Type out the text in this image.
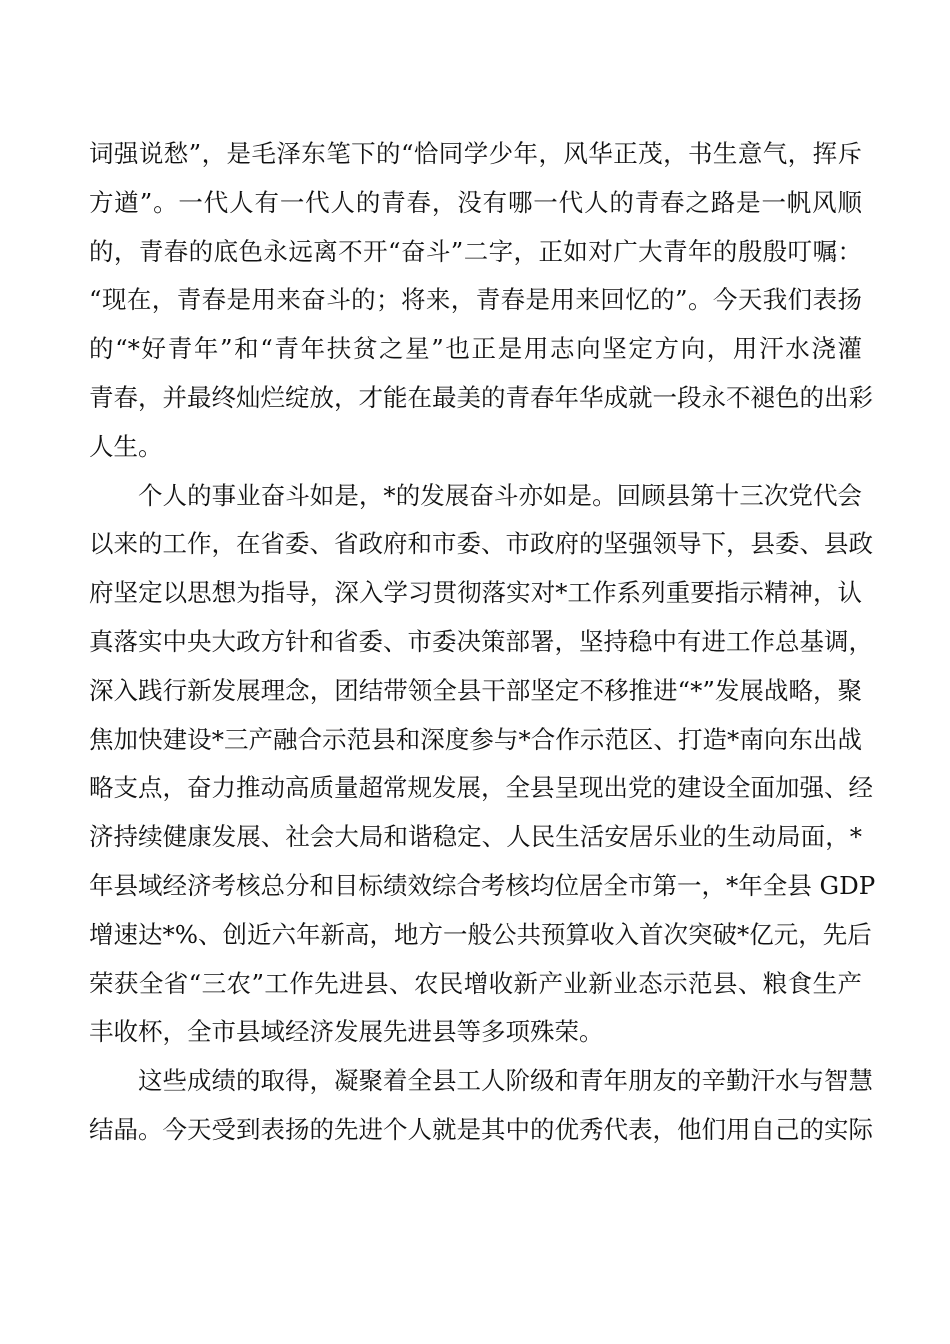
词强说愁”，是毛泽东笔下的“恰同学少年，风华正茂，书生意气，挥斥
方遒”。一代人有一代人的青春，没有哪一代人的青春之路是一帆风顺
的，青春的底色永远离不开“奋斗”二字，正如对广大青年的殷殷叮嘱：
“现在，青春是用来奋斗的；将来，青春是用来回忆的”。今天我们表扬
的“*好青年”和“青年扶贫之星”也正是用志向坚定方向，用汗水浇灌
青春，并最终灿烂绽放，才能在最美的青春年华成就一段永不褪色的出彩
人生。
个人的事业奋斗如是，*的发展奋斗亦如是。回顾县第十三次党代会
以来的工作，在省委、省政府和市委、市政府的坚强领导下，县委、县政
府坚定以思想为指导，深入学习贯彻落实对*工作系列重要指示精神，认
真落实中央大政方针和省委、市委决策部署，坚持稳中有进工作总基调，
深入践行新发展理念，团结带领全县干部坚定不移推进“*”发展战略，聚
焦加快建设*三产融合示范县和深度参与*合作示范区、打造*南向东出战
略支点，奋力推动高质量超常规发展，全县呈现出党的建设全面加强、经
济持续健康发展、社会大局和谐稳定、人民生活安居乐业的生动局面，*
年县域经济考核总分和目标绩效综合考核均位居全市第一，*年全县 GDP
增速达*%、创近六年新高，地方一般公共预算收入首次突破*亿元，先后
荣获全省“三农”工作先进县、农民增收新产业新业态示范县、粮食生产
丰收杯，全市县域经济发展先进县等多项殊荣。
这些成绩的取得，凝聚着全县工人阶级和青年朋友的辛勤汗水与智慧
结晶。今天受到表扬的先进个人就是其中的优秀代表，他们用自己的实际
